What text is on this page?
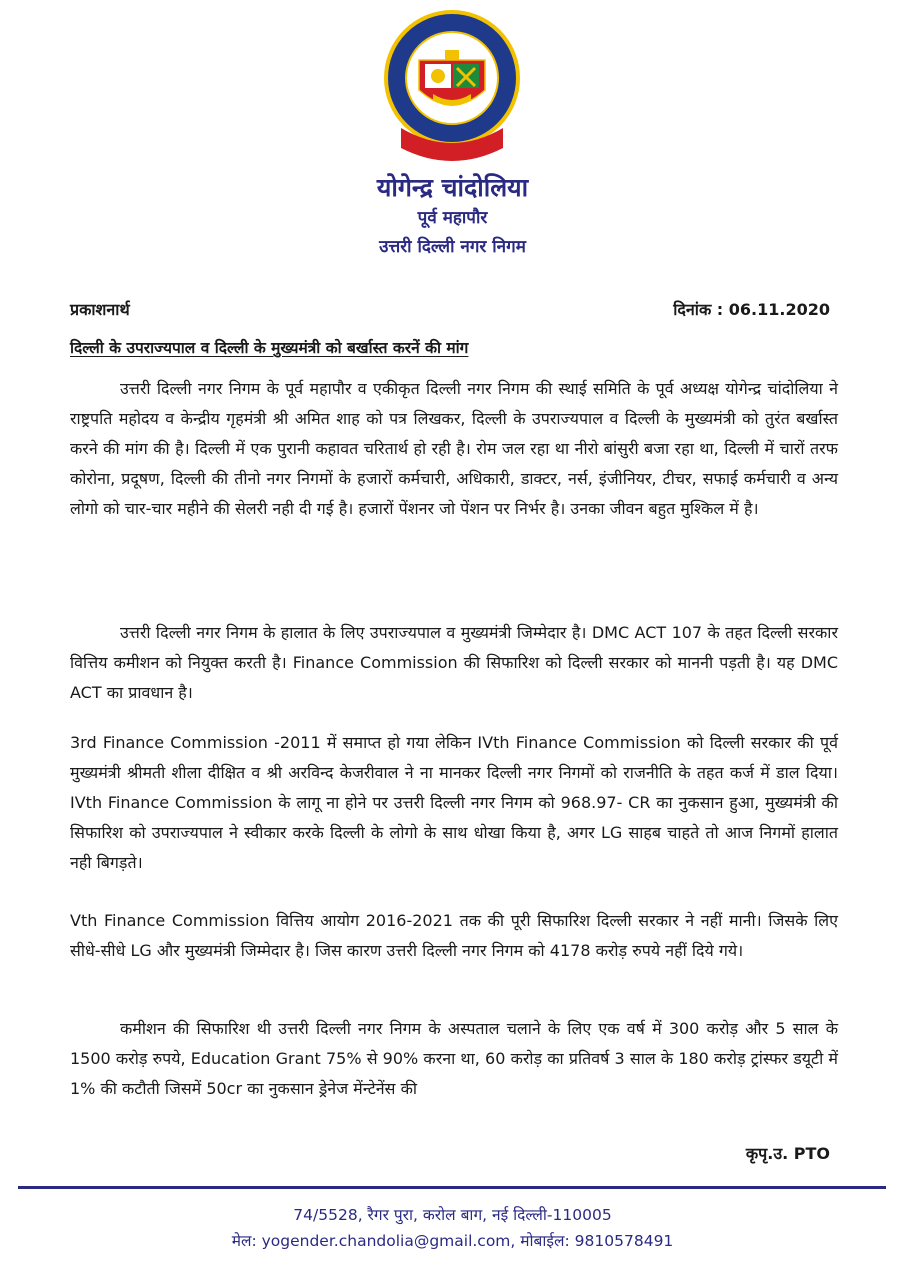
योगेन्द्र चांदोलिया
पूर्व महापौर
उत्तरी दिल्ली नगर निगम
प्रकाशनार्थ	दिनांक : 06.11.2020
दिल्ली के उपराज्यपाल व दिल्ली के मुख्यमंत्री को बर्खास्त करनें की मांग
उत्तरी दिल्ली नगर निगम के पूर्व महापौर व एकीकृत दिल्ली नगर निगम की स्थाई समिति के पूर्व अध्यक्ष योगेन्द्र चांदोलिया ने राष्ट्रपति महोदय व केन्द्रीय गृहमंत्री श्री अमित शाह को पत्र लिखकर, दिल्ली के उपराज्यपाल व दिल्ली के मुख्यमंत्री को तुरंत बर्खास्त करने की मांग की है। दिल्ली में एक पुरानी कहावत चरितार्थ हो रही है। रोम जल रहा था नीरो बांसुरी बजा रहा था, दिल्ली में चारों तरफ कोरोना, प्रदूषण, दिल्ली की तीनो नगर निगमों के हजारों कर्मचारी, अधिकारी, डाक्टर, नर्स, इंजीनियर, टीचर, सफाई कर्मचारी व अन्य लोगो को चार-चार महीने की सेलरी नही दी गई है। हजारों पेंशनर जो पेंशन पर निर्भर है। उनका जीवन बहुत मुश्किल में है।
उत्तरी दिल्ली नगर निगम के हालात के लिए उपराज्यपाल व मुख्यमंत्री जिम्मेदार है। DMC ACT 107 के तहत दिल्ली सरकार वित्तिय कमीशन को नियुक्त करती है। Finance Commission की सिफारिश को दिल्ली सरकार को माननी पड़ती है। यह DMC ACT का प्रावधान है।
3rd Finance Commission -2011 में समाप्त हो गया लेकिन IVth Finance Commission को दिल्ली सरकार की पूर्व मुख्यमंत्री श्रीमती शीला दीक्षित व श्री अरविन्द केजरीवाल ने ना मानकर दिल्ली नगर निगमों को राजनीति के तहत कर्ज में डाल दिया। IVth Finance Commission के लागू ना होने पर उत्तरी दिल्ली नगर निगम को 968.97- CR का नुकसान हुआ, मुख्यमंत्री की सिफारिश को उपराज्यपाल ने स्वीकार करके दिल्ली के लोगो के साथ धोखा किया है, अगर LG साहब चाहते तो आज निगमों हालात नही बिगड़ते।
Vth Finance Commission वित्तिय आयोग 2016-2021 तक की पूरी सिफारिश दिल्ली सरकार ने नहीं मानी। जिसके लिए सीधे-सीधे LG और मुख्यमंत्री जिम्मेदार है। जिस कारण उत्तरी दिल्ली नगर निगम को 4178 करोड़ रुपये नहीं दिये गये।
कमीशन की सिफारिश थी उत्तरी दिल्ली नगर निगम के अस्पताल चलाने के लिए एक वर्ष में 300 करोड़ और 5 साल के 1500 करोड़ रुपये, Education Grant 75% से 90% करना था, 60 करोड़ का प्रतिवर्ष 3 साल के 180 करोड़ ट्रांस्फर डयूटी में 1% की कटौती जिसमें 50cr का नुकसान ड्रेनेज मेंन्टेनेंस की
कृपृ.उ. PTO
74/5528, रैगर पुरा, करोल बाग, नई दिल्ली-110005
मेल: yogender.chandolia@gmail.com, मोबाईल: 9810578491
